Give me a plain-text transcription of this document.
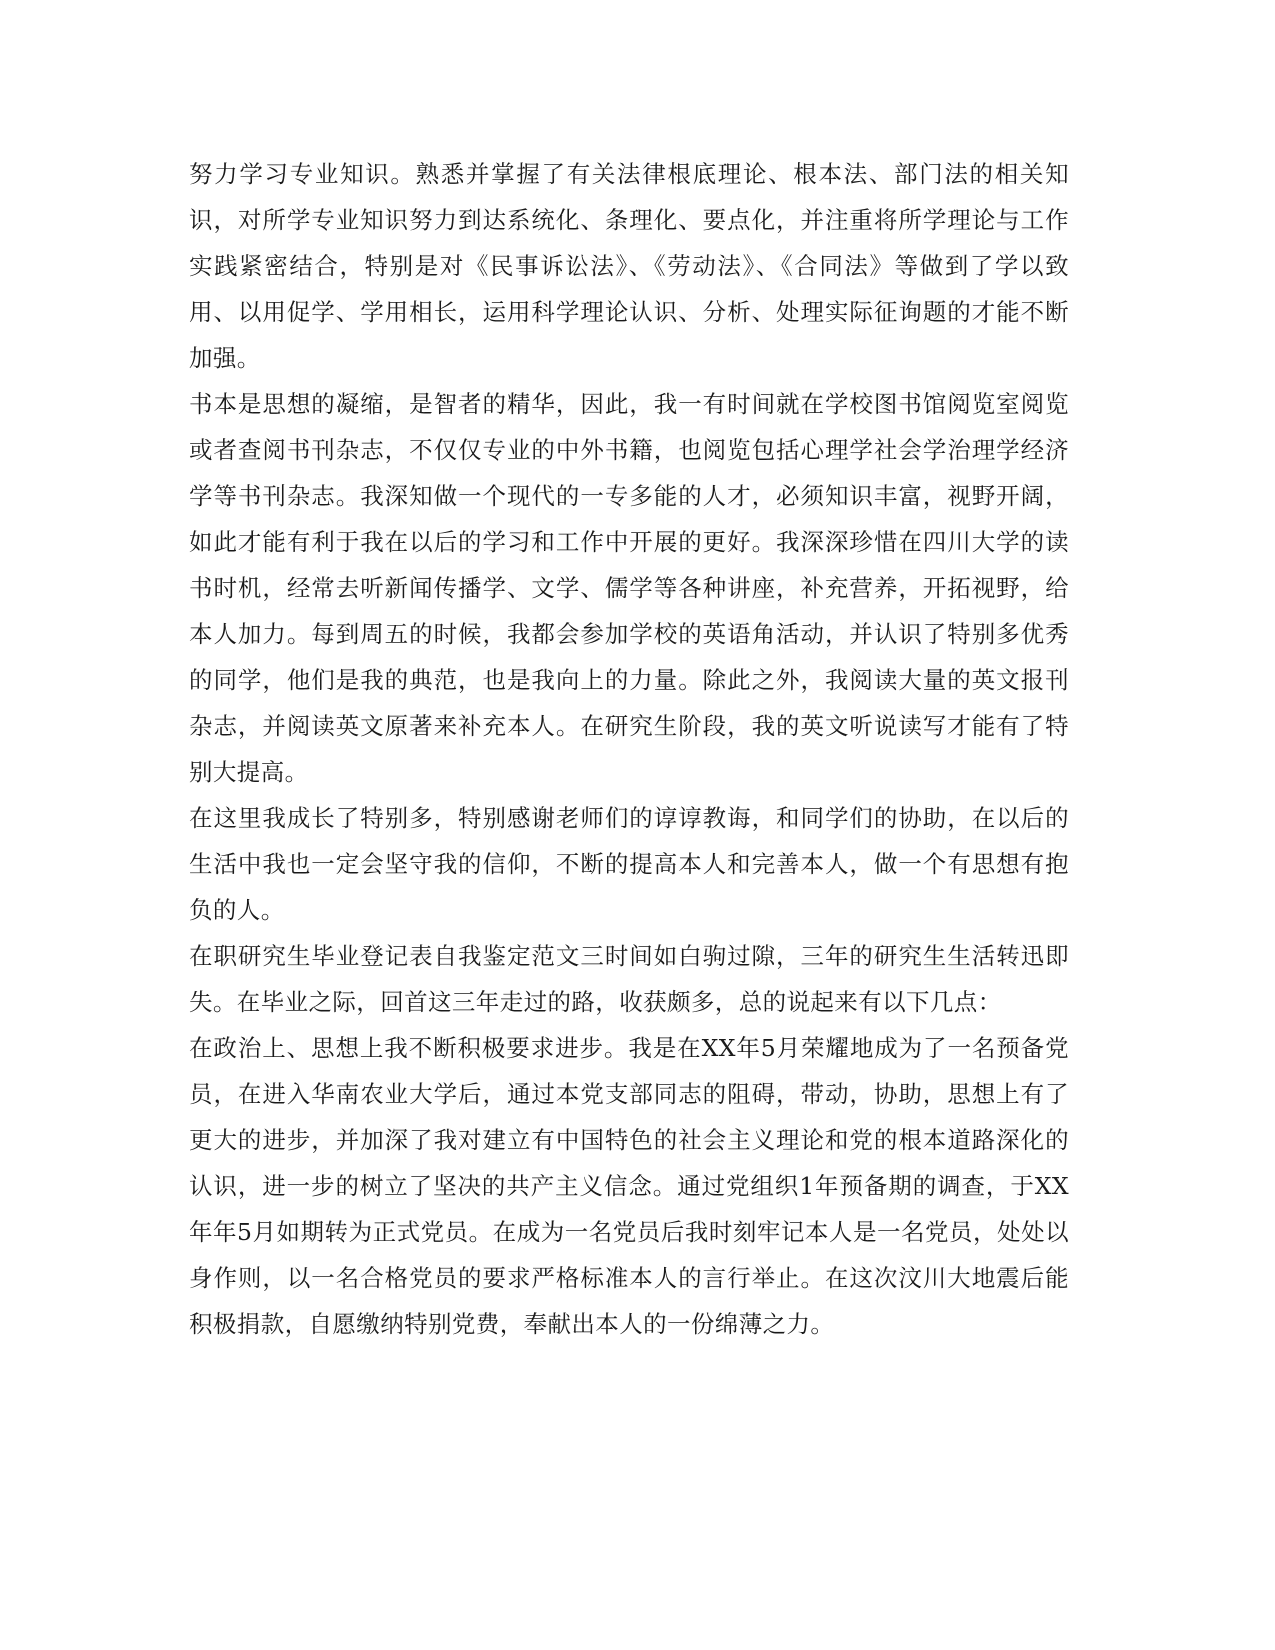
努力学习专业知识。熟悉并掌握了有关法律根底理论、根本法、部门法的相关知识，对所学专业知识努力到达系统化、条理化、要点化，并注重将所学理论与工作实践紧密结合，特别是对《民事诉讼法》、《劳动法》、《合同法》等做到了学以致用、以用促学、学用相长，运用科学理论认识、分析、处理实际征询题的才能不断加强。

书本是思想的凝缩，是智者的精华，因此，我一有时间就在学校图书馆阅览室阅览或者查阅书刊杂志，不仅仅专业的中外书籍，也阅览包括心理学社会学治理学经济学等书刊杂志。我深知做一个现代的一专多能的人才，必须知识丰富，视野开阔，如此才能有利于我在以后的学习和工作中开展的更好。我深深珍惜在四川大学的读书时机，经常去听新闻传播学、文学、儒学等各种讲座，补充营养，开拓视野，给本人加力。每到周五的时候，我都会参加学校的英语角活动，并认识了特别多优秀的同学，他们是我的典范，也是我向上的力量。除此之外，我阅读大量的英文报刊杂志，并阅读英文原著来补充本人。在研究生阶段，我的英文听说读写才能有了特别大提高。

在这里我成长了特别多，特别感谢老师们的谆谆教诲，和同学们的协助，在以后的生活中我也一定会坚守我的信仰，不断的提高本人和完善本人，做一个有思想有抱负的人。

在职研究生毕业登记表自我鉴定范文三时间如白驹过隙，三年的研究生生活转迅即失。在毕业之际，回首这三年走过的路，收获颇多，总的说起来有以下几点：

在政治上、思想上我不断积极要求进步。我是在XX年5月荣耀地成为了一名预备党员，在进入华南农业大学后，通过本党支部同志的阻碍，带动，协助，思想上有了更大的进步，并加深了我对建立有中国特色的社会主义理论和党的根本道路深化的认识，进一步的树立了坚决的共产主义信念。通过党组织1年预备期的调查，于XX年年5月如期转为正式党员。在成为一名党员后我时刻牢记本人是一名党员，处处以身作则，以一名合格党员的要求严格标准本人的言行举止。在这次汶川大地震后能积极捐款，自愿缴纳特别党费，奉献出本人的一份绵薄之力。
